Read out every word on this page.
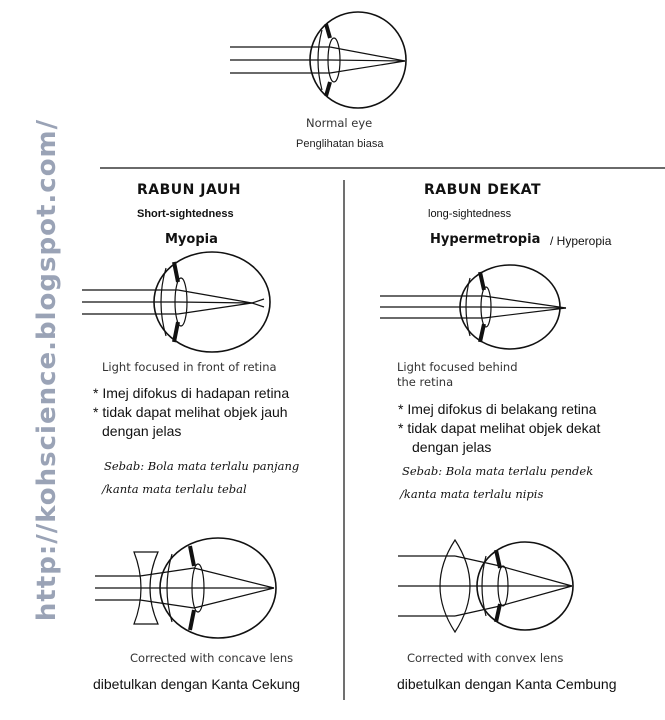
http://kohscience.blogspot.com/	Normal eye
Penglihatan biasa
RABUN JAUH
Short-sightedness
Myopia
Light focused in front of retina
* Imej difokus di hadapan retina
* tidak dapat melihat objek jauh
dengan jelas
Sebab: Bola mata terlalu panjang
/kanta mata terlalu tebal
Corrected with concave lens
dibetulkan dengan Kanta Cekung
RABUN DEKAT
long-sightedness
Hypermetropia / Hyperopia
Light focused behind
the retina
* Imej difokus di belakang retina
* tidak dapat melihat objek dekat
dengan jelas
Sebab: Bola mata terlalu pendek
/kanta mata terlalu nipis
Corrected with convex lens
dibetulkan dengan Kanta Cembung
